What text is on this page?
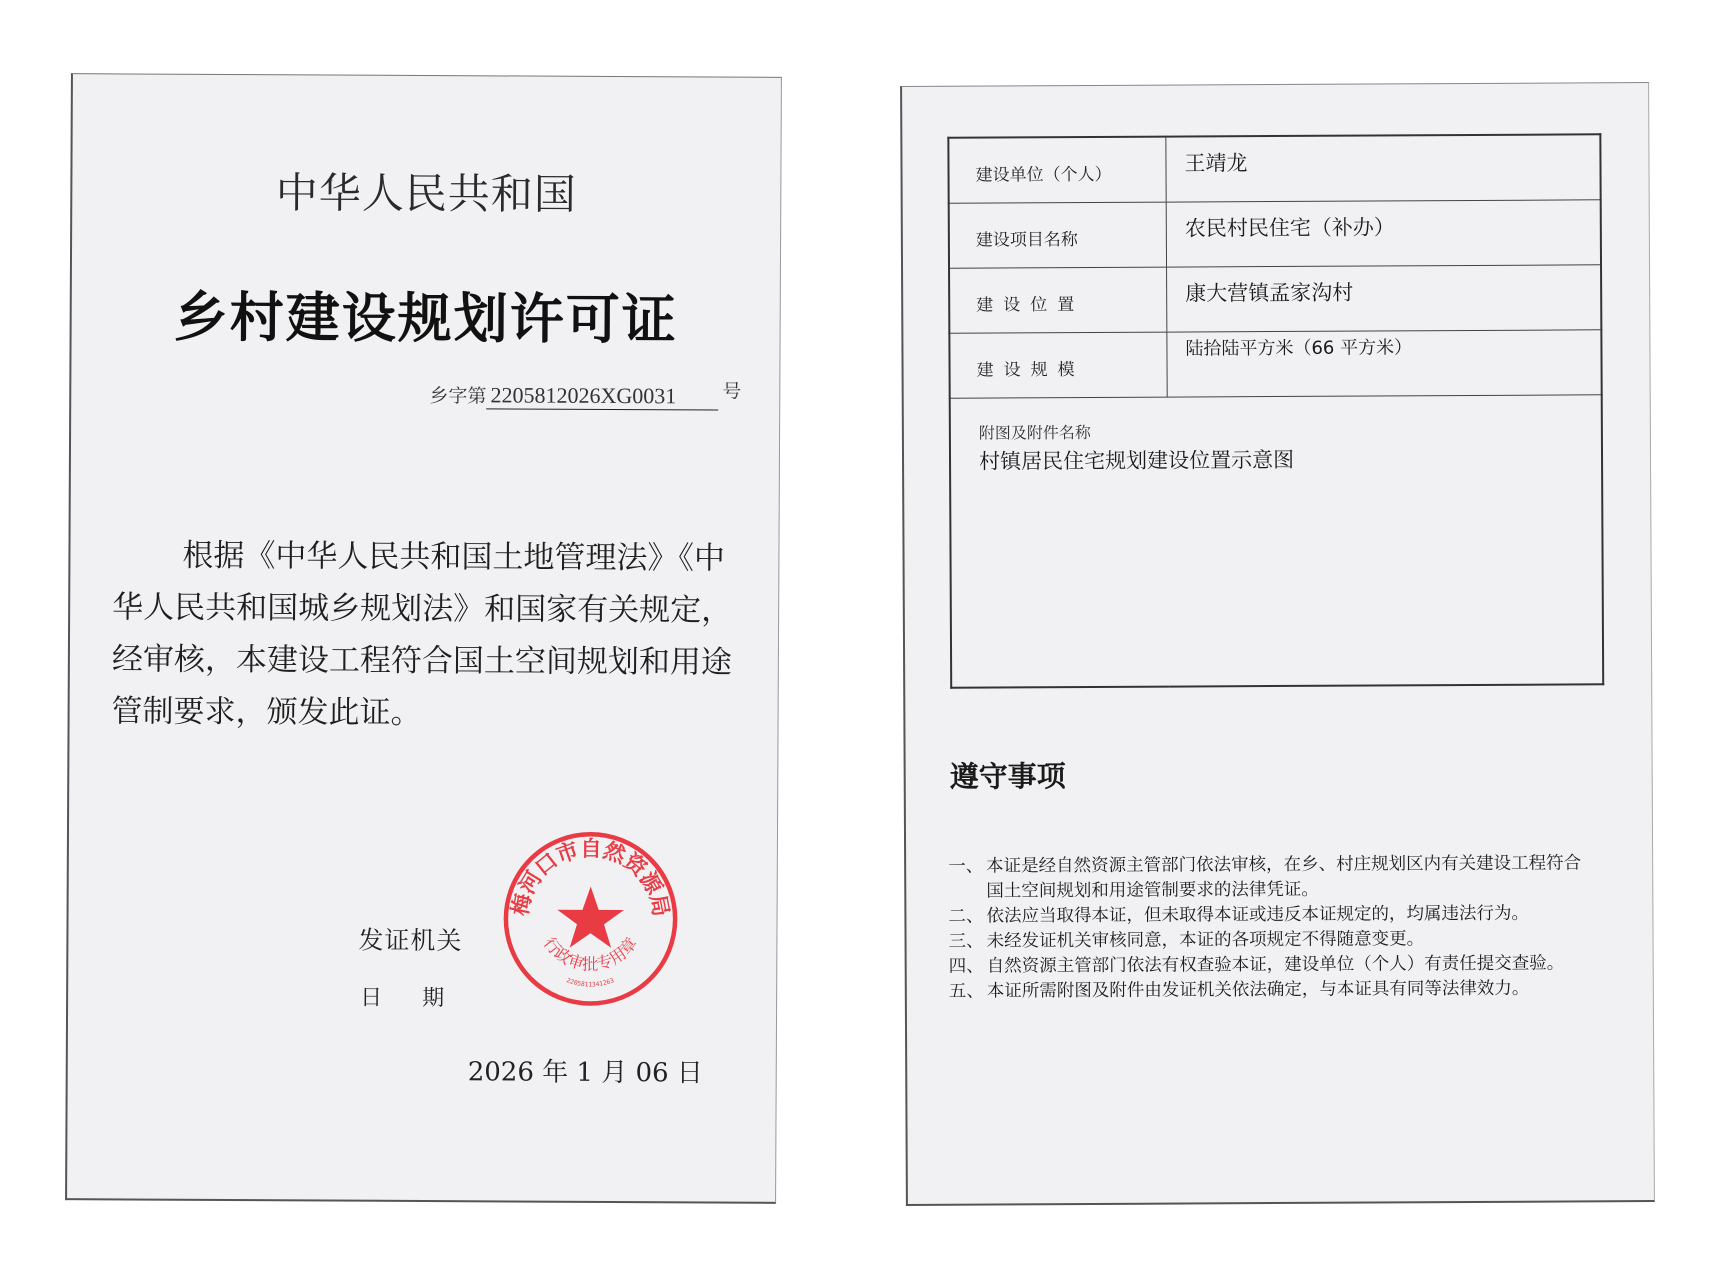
中华人民共和国
乡村建设规划许可证
乡字第 2205812026XG0031 号
根据《中华人民共和国土地管理法》《中华人民共和国城乡规划法》和国家有关规定，经审核，本建设工程符合国土空间规划和用途管制要求，颁发此证。
发证机关
日 期
2026 年 1 月 06 日
梅河口市自然资源局
行政审批专用章
2205811341263
建设单位（个人）	王靖龙
建设项目名称	农民村民住宅（补办）
建设位置	康大营镇孟家沟村
建设规模	陆拾陆平方米（66 平方米）

附图及附件名称
村镇居民住宅规划建设位置示意图	
遵守事项
一、 本证是经自然资源主管部门依法审核，在乡、村庄规划区内有关建设工程符合国土空间规划和用途管制要求的法律凭证。
二、 依法应当取得本证，但未取得本证或违反本证规定的，均属违法行为。
三、 未经发证机关审核同意，本证的各项规定不得随意变更。
四、 自然资源主管部门依法有权查验本证，建设单位（个人）有责任提交查验。
五、 本证所需附图及附件由发证机关依法确定，与本证具有同等法律效力。
